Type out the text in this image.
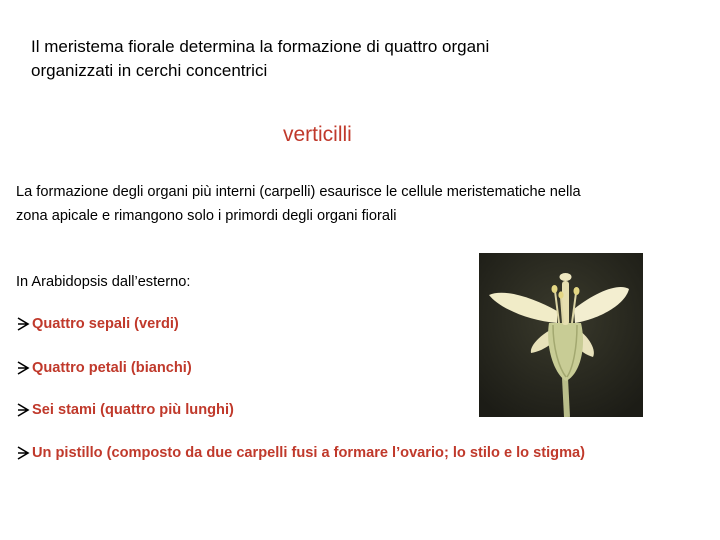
Il meristema fiorale determina la formazione di quattro organi
organizzati in cerchi concentrici
verticilli
La formazione degli organi più interni (carpelli) esaurisce le cellule meristematiche nella
zona apicale e rimangono solo i primordi degli organi fiorali
In Arabidopsis dall’esterno:
Quattro sepali (verdi)
Quattro petali (bianchi)
Sei stami (quattro più lunghi)
Un pistillo (composto da due carpelli fusi a formare l’ovario; lo stilo e lo stigma)
